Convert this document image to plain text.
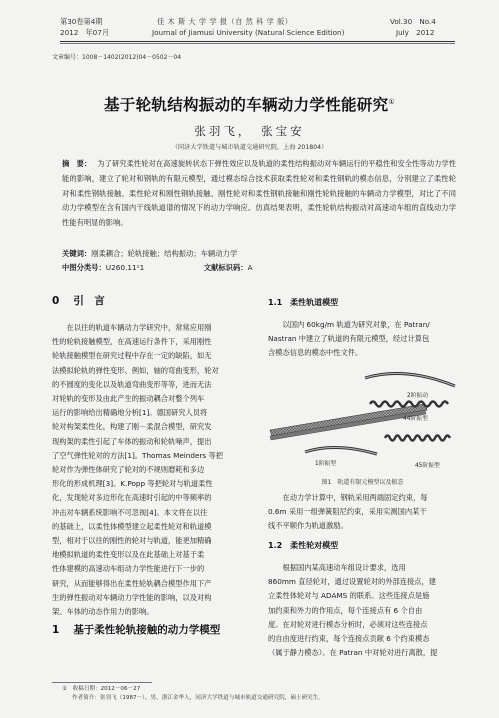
第30卷第4期
2012　年07月
佳 木 斯 大 学 学 报（自 然 科 学 版）
Journal of Jiamusi University (Natural Science Edition)
Vol.30　No.4
July　2012
文章编号：1008－1402(2012)04－0502－04
基于轮轨结构振动的车辆动力学性能研究①
张羽飞，　张宝安
（同济大学铁道与城市轨道交通研究院，上海 201804）
摘　要： 为了研究柔性轮对在高速旋转状态下弹性效应以及轨道的柔性结构振动对车辆运行的平稳性和安全性等动力学性能的影响，建立了轮对和钢轨的有限元模型，通过模态综合技术获取柔性轮对和柔性钢轨的模态信息，分别建立了柔性轮对和柔性钢轨接触、柔性轮对和刚性钢轨接触、刚性轮对和柔性钢轨接触和刚性轮轨接触的车辆动力学模型，对比了不同动力学模型在含有国内干线轨道谱的情况下的动力学响应。仿真结果表明，柔性轮轨结构振动对高速动车组的直线动力学性能有明显的影响。
关键词：刚柔耦合；轮轨接触；结构振动；车辆动力学
中图分类号：U260.11¹1	文献标识码：A
0 引　言
　　在以往的轨道车辆动力学研究中，常常应用刚
性的轮轨接触模型，在高速运行条件下，采用刚性
轮轨接触模型在研究过程中存在一定的缺陷，如无
法模拟轮轨的弹性变形、例如，轴的弯曲变形，轮对
的不圆度的变化以及轨道弯曲变形等等，进而无法
对轮轨的变形及由此产生的振动耦合对整个列车
运行的影响给出精确地分析[1]。德国研究人员将
轮对构架柔性化，构建了刚－柔混合模型，研究发
现构架的柔性引起了车体的振动和轮轨噪声，提出
了空气弹性轮对的方法[1]。Thomas Meinders 等把
轮对作为弹性体研究了轮对的不规则磨耗和多边
形化的形成机理[3]。K.Popp 等把轮对与轨道柔性
化，发现轮对多边形化在高速时引起的中等频率的
冲击对车辆系统影响不可忽视[4]。本文将在以往
的基础上，以柔性体模型建立起柔性轮对和轨道模
型，相对于以往的刚性的轮对与轨道，能更加精确
地模拟轨道的柔性变形以及在此基础上对基于柔
性体建模的高速动车组动力学性能进行下一步的
研究，从而能够得出在柔性轮轨耦合模型作用下产
生的弹性振动对车辆动力学性能的影响，以及对构
架、车体的动态作用力的影响。
1 基于柔性轮轨接触的动力学模型
1.1　柔性轨道模型
　　以国内 60kg/m 轨道为研究对象，在 Patran/
Nastran 中建立了轨道的有限元模型，经过计算包
含模态信息的模态中性文件。
2阶振动
44阶振型
1阶振型	45阶振型
图1　轨道有限元模型以及振态
　　在动力学计算中，钢轨采用两端固定约束，每
0.6m 采用一组弹簧阻尼约束，采用实测国内某干
线不平顺作为轨道激励。
1.2　柔性轮对模型
　　根据国内某高速动车组设计要求，选用
860mm 直径轮对，通过设置轮对的外部连接点，建
立柔性体轮对与 ADAMS 的联系。这些连接点是施
加约束和外力的作用点，每个连接点有 6 个自由
度。在对轮对进行模态分析时，必须对这些连接点
的自由度进行约束，每个连接点贡献 6 个约束模态
（属于静力模态）。在 Patran 中对轮对进行离散，提
①　 收稿日期：2012－06－27
作者简介：张羽飞（1987－），男，浙江金华人，同济大学铁道与城市轨道交通研究院，硕士研究生。
